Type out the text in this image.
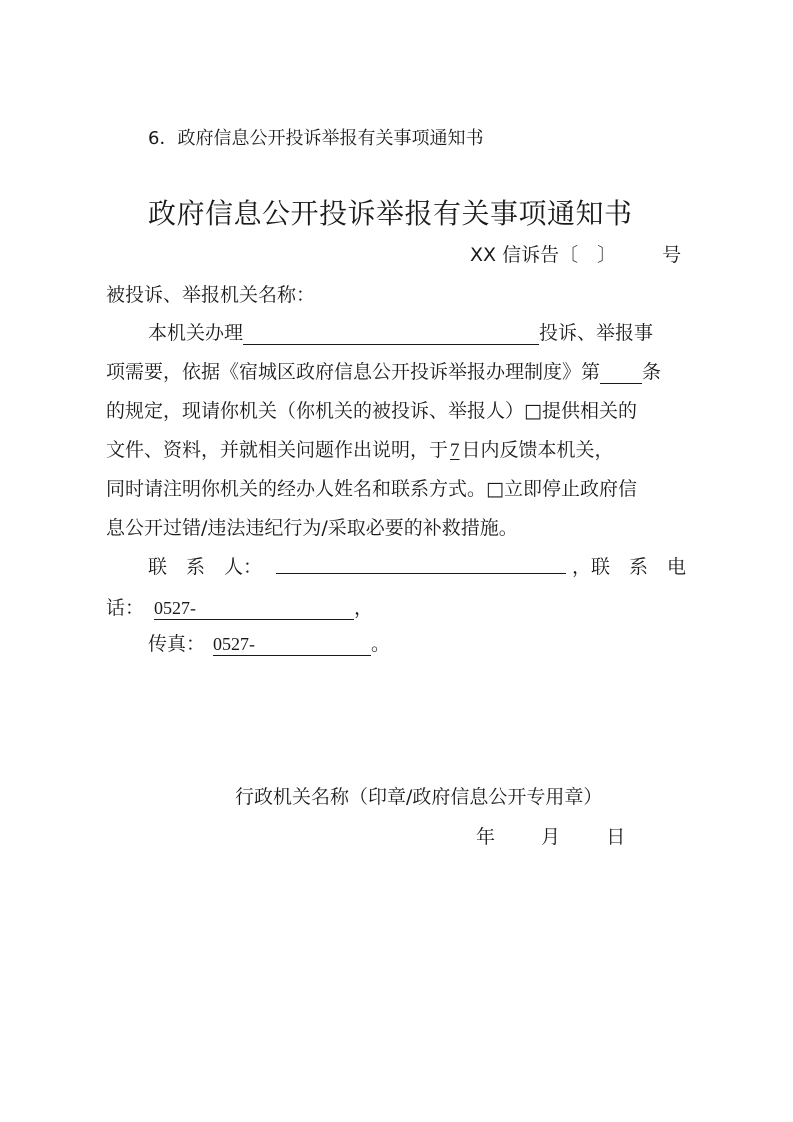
6．政府信息公开投诉举报有关事项通知书
政府信息公开投诉举报有关事项通知书
XX 信诉告〔　〕 号
被投诉、举报机关名称：
本机关办理	投诉、举报事
项需要，依据《宿城区政府信息公开投诉举报办理制度》第 条
的规定，现请你机关（你机关的被投诉、举报人）□提供相关的
文件、资料，并就相关问题作出说明，于 7 日内反馈本机关，
同时请注明你机关的经办人姓名和联系方式。□立即停止政府信
息公开过错/违法违纪行为/采取必要的补救措施。
联　系　人：	， 联　系　电
话： 0527-	，
传真： 0527-	。
行政机关名称（印章/政府信息公开专用章）
年 月 日
